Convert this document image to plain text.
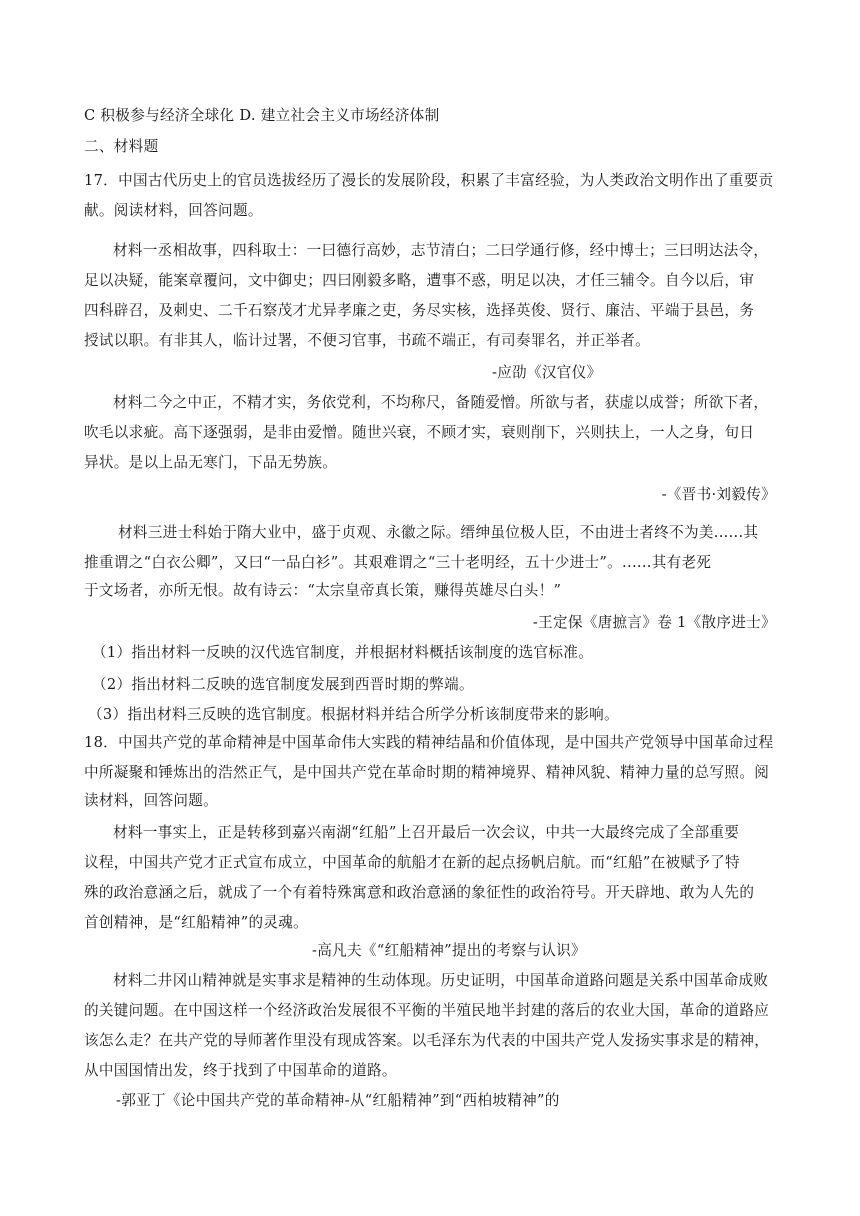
C 积极参与经济全球化 D. 建立社会主义市场经济体制
二、材料题
17．中国古代历史上的官员选拔经历了漫长的发展阶段，积累了丰富经验，为人类政治文明作出了重要贡
献。阅读材料，回答问题。
材料一丞相故事，四科取士：一曰德行高妙，志节清白；二曰学通行修，经中博士；三曰明达法令，
足以决疑，能案章覆问，文中御史；四曰刚毅多略，遭事不惑，明足以决，才任三辅令。自今以后，审
四科辟召，及刺史、二千石察茂才尤异孝廉之吏，务尽实核，选择英俊、贤行、廉洁、平端于县邑，务
授试以职。有非其人，临计过署，不便习官事，书疏不端正，有司奏罪名，并正举者。
-应劭《汉官仪》
材料二今之中正，不精才实，务依党利，不均称尺，备随爱憎。所欲与者，获虚以成誉；所欲下者，
吹毛以求疵。高下逐强弱，是非由爱憎。随世兴衰，不顾才实，衰则削下，兴则扶上，一人之身，旬日
异状。是以上品无寒门，下品无势族。
-《晋书·刘毅传》
材料三进士科始于隋大业中，盛于贞观、永徽之际。缙绅虽位极人臣，不由进士者终不为美......其
推重谓之“白衣公卿”，又曰“一品白衫”。其艰难谓之“三十老明经，五十少进士”。......其有老死
于文场者，亦所无恨。故有诗云：“太宗皇帝真长策，赚得英雄尽白头！”
-王定保《唐摭言》卷 1《散序进士》
（1）指出材料一反映的汉代选官制度，并根据材料概括该制度的选官标准。
（2）指出材料二反映的选官制度发展到西晋时期的弊端。
（3）指出材料三反映的选官制度。根据材料并结合所学分析该制度带来的影响。
18．中国共产党的革命精神是中国革命伟大实践的精神结晶和价值体现，是中国共产党领导中国革命过程
中所凝聚和锤炼出的浩然正气，是中国共产党在革命时期的精神境界、精神风貌、精神力量的总写照。阅
读材料，回答问题。
材料一事实上，正是转移到嘉兴南湖“红船”上召开最后一次会议，中共一大最终完成了全部重要
议程，中国共产党才正式宣布成立，中国革命的航船才在新的起点扬帆启航。而“红船”在被赋予了特
殊的政治意涵之后，就成了一个有着特殊寓意和政治意涵的象征性的政治符号。开天辟地、敢为人先的
首创精神，是“红船精神”的灵魂。
-高凡夫《“红船精神”提出的考察与认识》
材料二井冈山精神就是实事求是精神的生动体现。历史证明，中国革命道路问题是关系中国革命成败
的关键问题。在中国这样一个经济政治发展很不平衡的半殖民地半封建的落后的农业大国，革命的道路应
该怎么走？在共产党的导师著作里没有现成答案。以毛泽东为代表的中国共产党人发扬实事求是的精神，
从中国国情出发，终于找到了中国革命的道路。
-郭亚丁《论中国共产党的革命精神-从“红船精神”到“西柏坡精神”的
